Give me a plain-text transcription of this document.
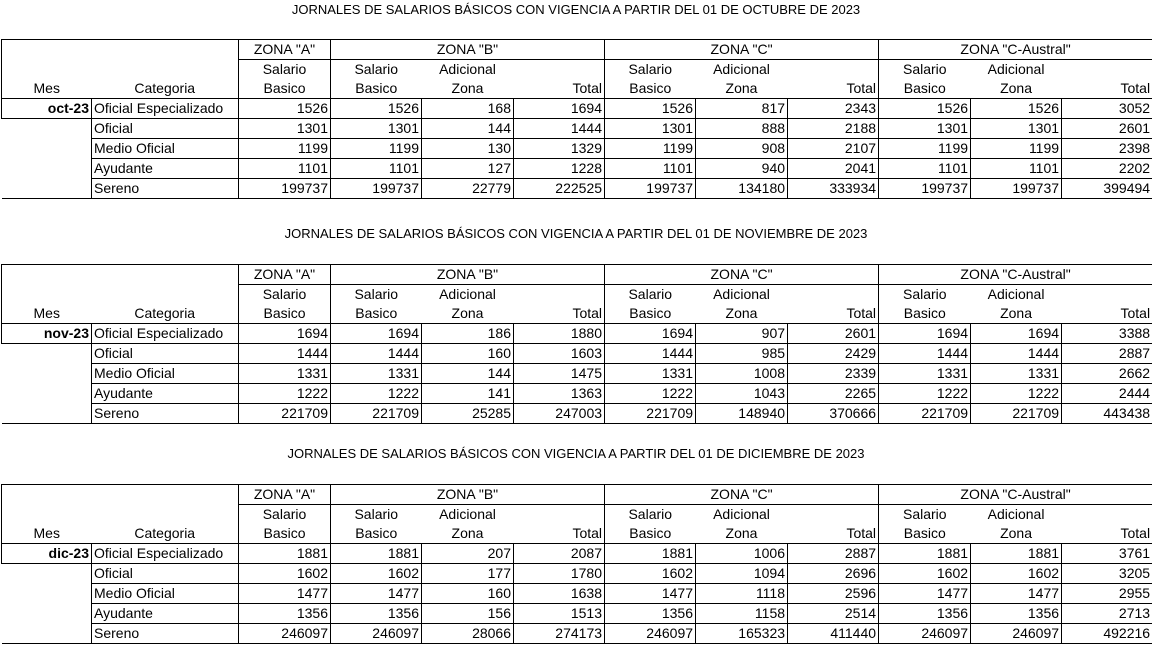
JORNALES DE SALARIOS BÁSICOS CON VIGENCIA A PARTIR DEL 01 DE OCTUBRE DE 2023
		ZONA "A"	ZONA "B"			ZONA "C"			ZONA "C-Austral"		
		Salario	Salario	Adicional		Salario	Adicional		Salario	Adicional	
Mes	Categoria	Basico	Basico	Zona	Total	Basico	Zona	Total	Basico	Zona	Total
oct-23	Oficial Especializado	1526	1526	168	1694	1526	817	2343	1526	1526	3052
	Oficial	1301	1301	144	1444	1301	888	2188	1301	1301	2601
	Medio Oficial	1199	1199	130	1329	1199	908	2107	1199	1199	2398
	Ayudante	1101	1101	127	1228	1101	940	2041	1101	1101	2202
	Sereno	199737	199737	22779	222525	199737	134180	333934	199737	199737	399494
JORNALES DE SALARIOS BÁSICOS CON VIGENCIA A PARTIR DEL 01 DE NOVIEMBRE DE 2023
		ZONA "A"	ZONA "B"			ZONA "C"			ZONA "C-Austral"		
		Salario	Salario	Adicional		Salario	Adicional		Salario	Adicional	
Mes	Categoria	Basico	Basico	Zona	Total	Basico	Zona	Total	Basico	Zona	Total
nov-23	Oficial Especializado	1694	1694	186	1880	1694	907	2601	1694	1694	3388
	Oficial	1444	1444	160	1603	1444	985	2429	1444	1444	2887
	Medio Oficial	1331	1331	144	1475	1331	1008	2339	1331	1331	2662
	Ayudante	1222	1222	141	1363	1222	1043	2265	1222	1222	2444
	Sereno	221709	221709	25285	247003	221709	148940	370666	221709	221709	443438
JORNALES DE SALARIOS BÁSICOS CON VIGENCIA A PARTIR DEL 01 DE DICIEMBRE DE 2023
		ZONA "A"	ZONA "B"			ZONA "C"			ZONA "C-Austral"		
		Salario	Salario	Adicional		Salario	Adicional		Salario	Adicional	
Mes	Categoria	Basico	Basico	Zona	Total	Basico	Zona	Total	Basico	Zona	Total
dic-23	Oficial Especializado	1881	1881	207	2087	1881	1006	2887	1881	1881	3761
	Oficial	1602	1602	177	1780	1602	1094	2696	1602	1602	3205
	Medio Oficial	1477	1477	160	1638	1477	1118	2596	1477	1477	2955
	Ayudante	1356	1356	156	1513	1356	1158	2514	1356	1356	2713
	Sereno	246097	246097	28066	274173	246097	165323	411440	246097	246097	492216
